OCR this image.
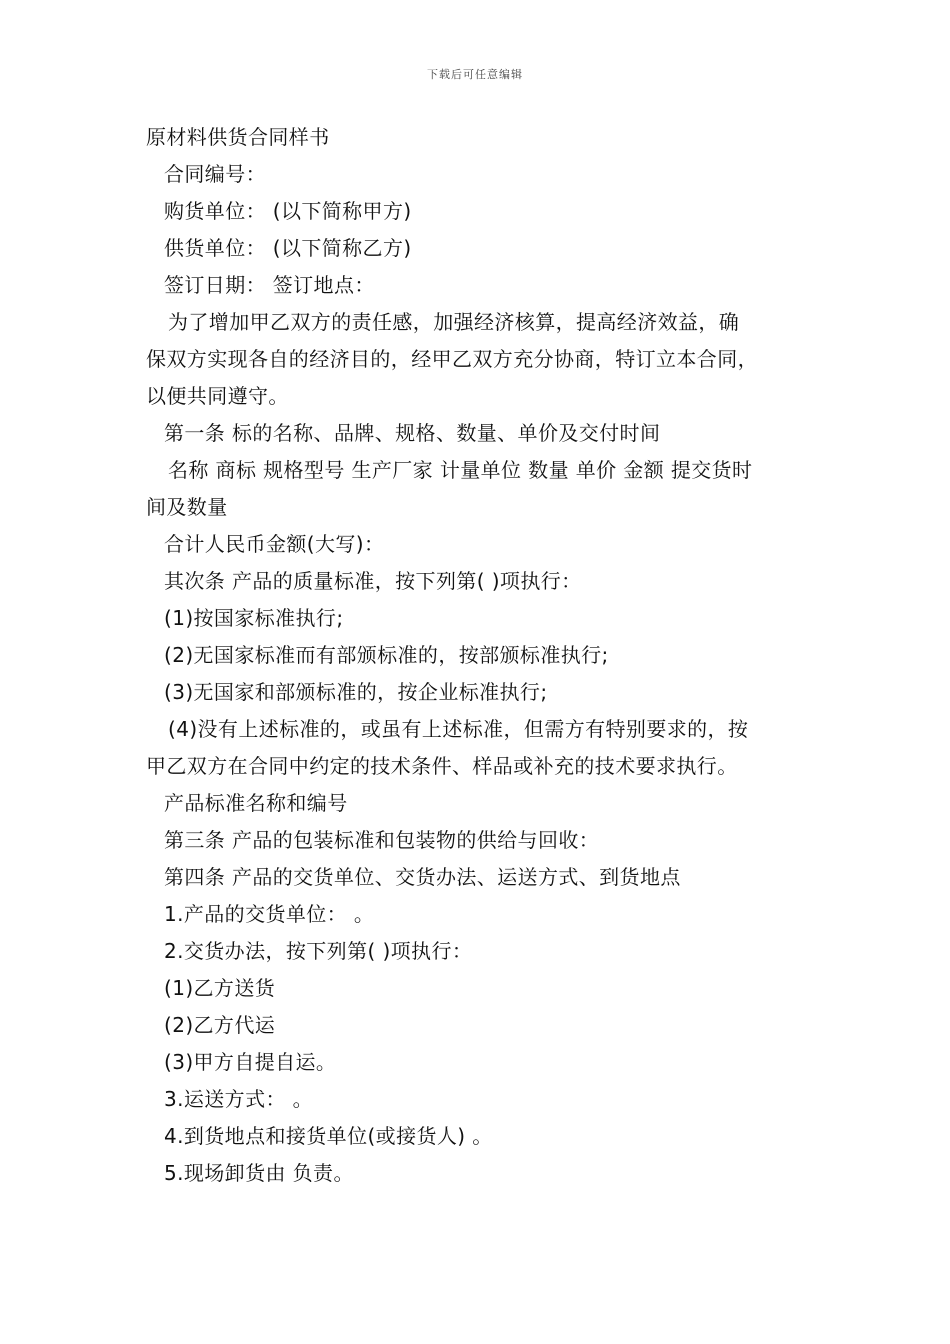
下载后可任意编辑
原材料供货合同样书
合同编号：
购货单位： (以下简称甲方)
供货单位： (以下简称乙方)
签订日期： 签订地点：
为了增加甲乙双方的责任感，加强经济核算，提高经济效益，确
保双方实现各自的经济目的，经甲乙双方充分协商，特订立本合同，
以便共同遵守。
第一条 标的名称、品牌、规格、数量、单价及交付时间
名称 商标 规格型号 生产厂家 计量单位 数量 单价 金额 提交货时
间及数量
合计人民币金额(大写)：
其次条 产品的质量标准，按下列第( )项执行：
(1)按国家标准执行;
(2)无国家标准而有部颁标准的，按部颁标准执行;
(3)无国家和部颁标准的，按企业标准执行;
(4)没有上述标准的，或虽有上述标准，但需方有特别要求的，按
甲乙双方在合同中约定的技术条件、样品或补充的技术要求执行。
产品标准名称和编号
第三条 产品的包装标准和包装物的供给与回收：
第四条 产品的交货单位、交货办法、运送方式、到货地点
1.产品的交货单位： 。
2.交货办法，按下列第( )项执行：
(1)乙方送货
(2)乙方代运
(3)甲方自提自运。
3.运送方式： 。
4.到货地点和接货单位(或接货人) 。
5.现场卸货由 负责。
